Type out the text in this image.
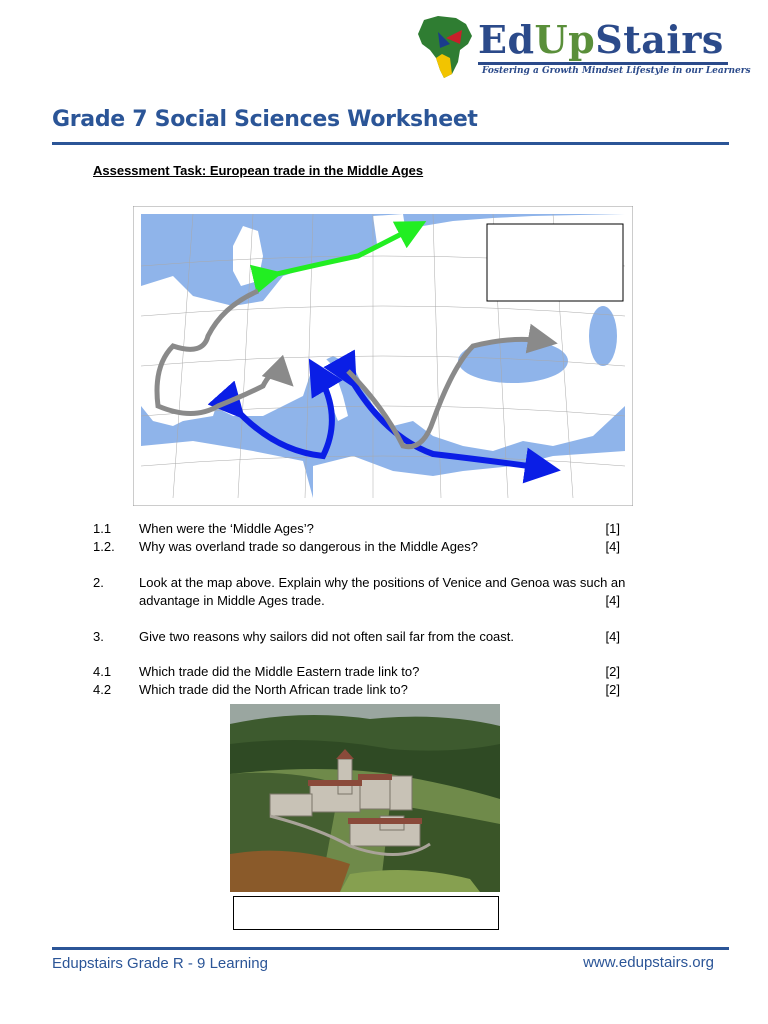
EdUpStairs
Fostering a Growth Mindset Lifestyle in our Learners
Grade 7 Social Sciences Worksheet
Assessment Task: European trade in the Middle Ages
1.1 When were the ‘Middle Ages’?	[1]
1.2. Why was overland trade so dangerous in the Middle Ages?	[4]
2.	Look at the map above. Explain why the positions of Venice and Genoa was such an
advantage in Middle Ages trade.	[4]
3.	Give two reasons why sailors did not often sail far from the coast.	[4]
4.1 Which trade did the Middle Eastern trade link to?	[2]
4.2 Which trade did the North African trade link to?	[2]
Edupstairs Grade R - 9 Learning	www.edupstairs.org
